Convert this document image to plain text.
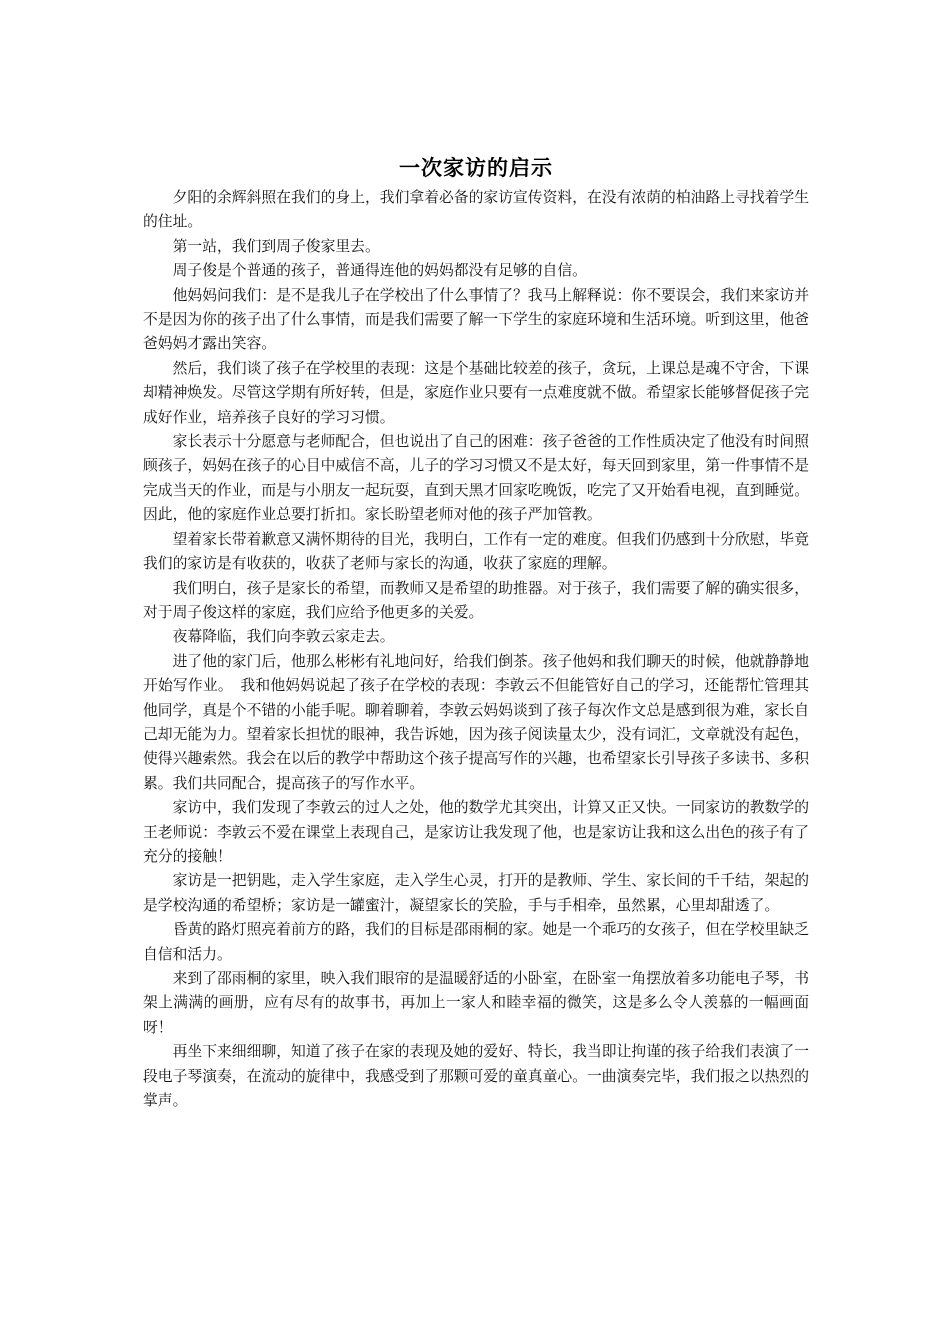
一次家访的启示

夕阳的余辉斜照在我们的身上，我们拿着必备的家访宣传资料，在没有浓荫的柏油路上寻找着学生的住址。

第一站，我们到周子俊家里去。

周子俊是个普通的孩子，普通得连他的妈妈都没有足够的自信。

他妈妈问我们：是不是我儿子在学校出了什么事情了？我马上解释说：你不要误会，我们来家访并不是因为你的孩子出了什么事情，而是我们需要了解一下学生的家庭环境和生活环境。听到这里，他爸爸妈妈才露出笑容。

然后，我们谈了孩子在学校里的表现：这是个基础比较差的孩子，贪玩，上课总是魂不守舍，下课却精神焕发。尽管这学期有所好转，但是，家庭作业只要有一点难度就不做。希望家长能够督促孩子完成好作业，培养孩子良好的学习习惯。

家长表示十分愿意与老师配合，但也说出了自己的困难：孩子爸爸的工作性质决定了他没有时间照顾孩子，妈妈在孩子的心目中威信不高，儿子的学习习惯又不是太好，每天回到家里，第一件事情不是完成当天的作业，而是与小朋友一起玩耍，直到天黑才回家吃晚饭，吃完了又开始看电视，直到睡觉。因此，他的家庭作业总要打折扣。家长盼望老师对他的孩子严加管教。

望着家长带着歉意又满怀期待的目光，我明白，工作有一定的难度。但我们仍感到十分欣慰，毕竟我们的家访是有收获的，收获了老师与家长的沟通，收获了家庭的理解。

我们明白，孩子是家长的希望，而教师又是希望的助推器。对于孩子，我们需要了解的确实很多，对于周子俊这样的家庭，我们应给予他更多的关爱。

夜幕降临，我们向李敦云家走去。

进了他的家门后，他那么彬彬有礼地问好，给我们倒茶。孩子他妈和我们聊天的时候，他就静静地开始写作业。　我和他妈妈说起了孩子在学校的表现：李敦云不但能管好自己的学习，还能帮忙管理其他同学，真是个不错的小能手呢。聊着聊着，李敦云妈妈谈到了孩子每次作文总是感到很为难，家长自己却无能为力。望着家长担忧的眼神，我告诉她，因为孩子阅读量太少，没有词汇，文章就没有起色，使得兴趣索然。我会在以后的教学中帮助这个孩子提高写作的兴趣，也希望家长引导孩子多读书、多积累。我们共同配合，提高孩子的写作水平。

家访中，我们发现了李敦云的过人之处，他的数学尤其突出，计算又正又快。一同家访的教数学的王老师说：李敦云不爱在课堂上表现自己，是家访让我发现了他，也是家访让我和这么出色的孩子有了充分的接触！

家访是一把钥匙，走入学生家庭，走入学生心灵，打开的是教师、学生、家长间的千千结，架起的是学校沟通的希望桥；家访是一罐蜜汁，凝望家长的笑脸，手与手相牵，虽然累，心里却甜透了。

昏黄的路灯照亮着前方的路，我们的目标是邵雨桐的家。她是一个乖巧的女孩子，但在学校里缺乏自信和活力。

来到了邵雨桐的家里，映入我们眼帘的是温暖舒适的小卧室，在卧室一角摆放着多功能电子琴，书架上满满的画册，应有尽有的故事书，再加上一家人和睦幸福的微笑，这是多么令人羡慕的一幅画面呀！

再坐下来细细聊，知道了孩子在家的表现及她的爱好、特长，我当即让拘谨的孩子给我们表演了一段电子琴演奏，在流动的旋律中，我感受到了那颗可爱的童真童心。一曲演奏完毕，我们报之以热烈的掌声。
